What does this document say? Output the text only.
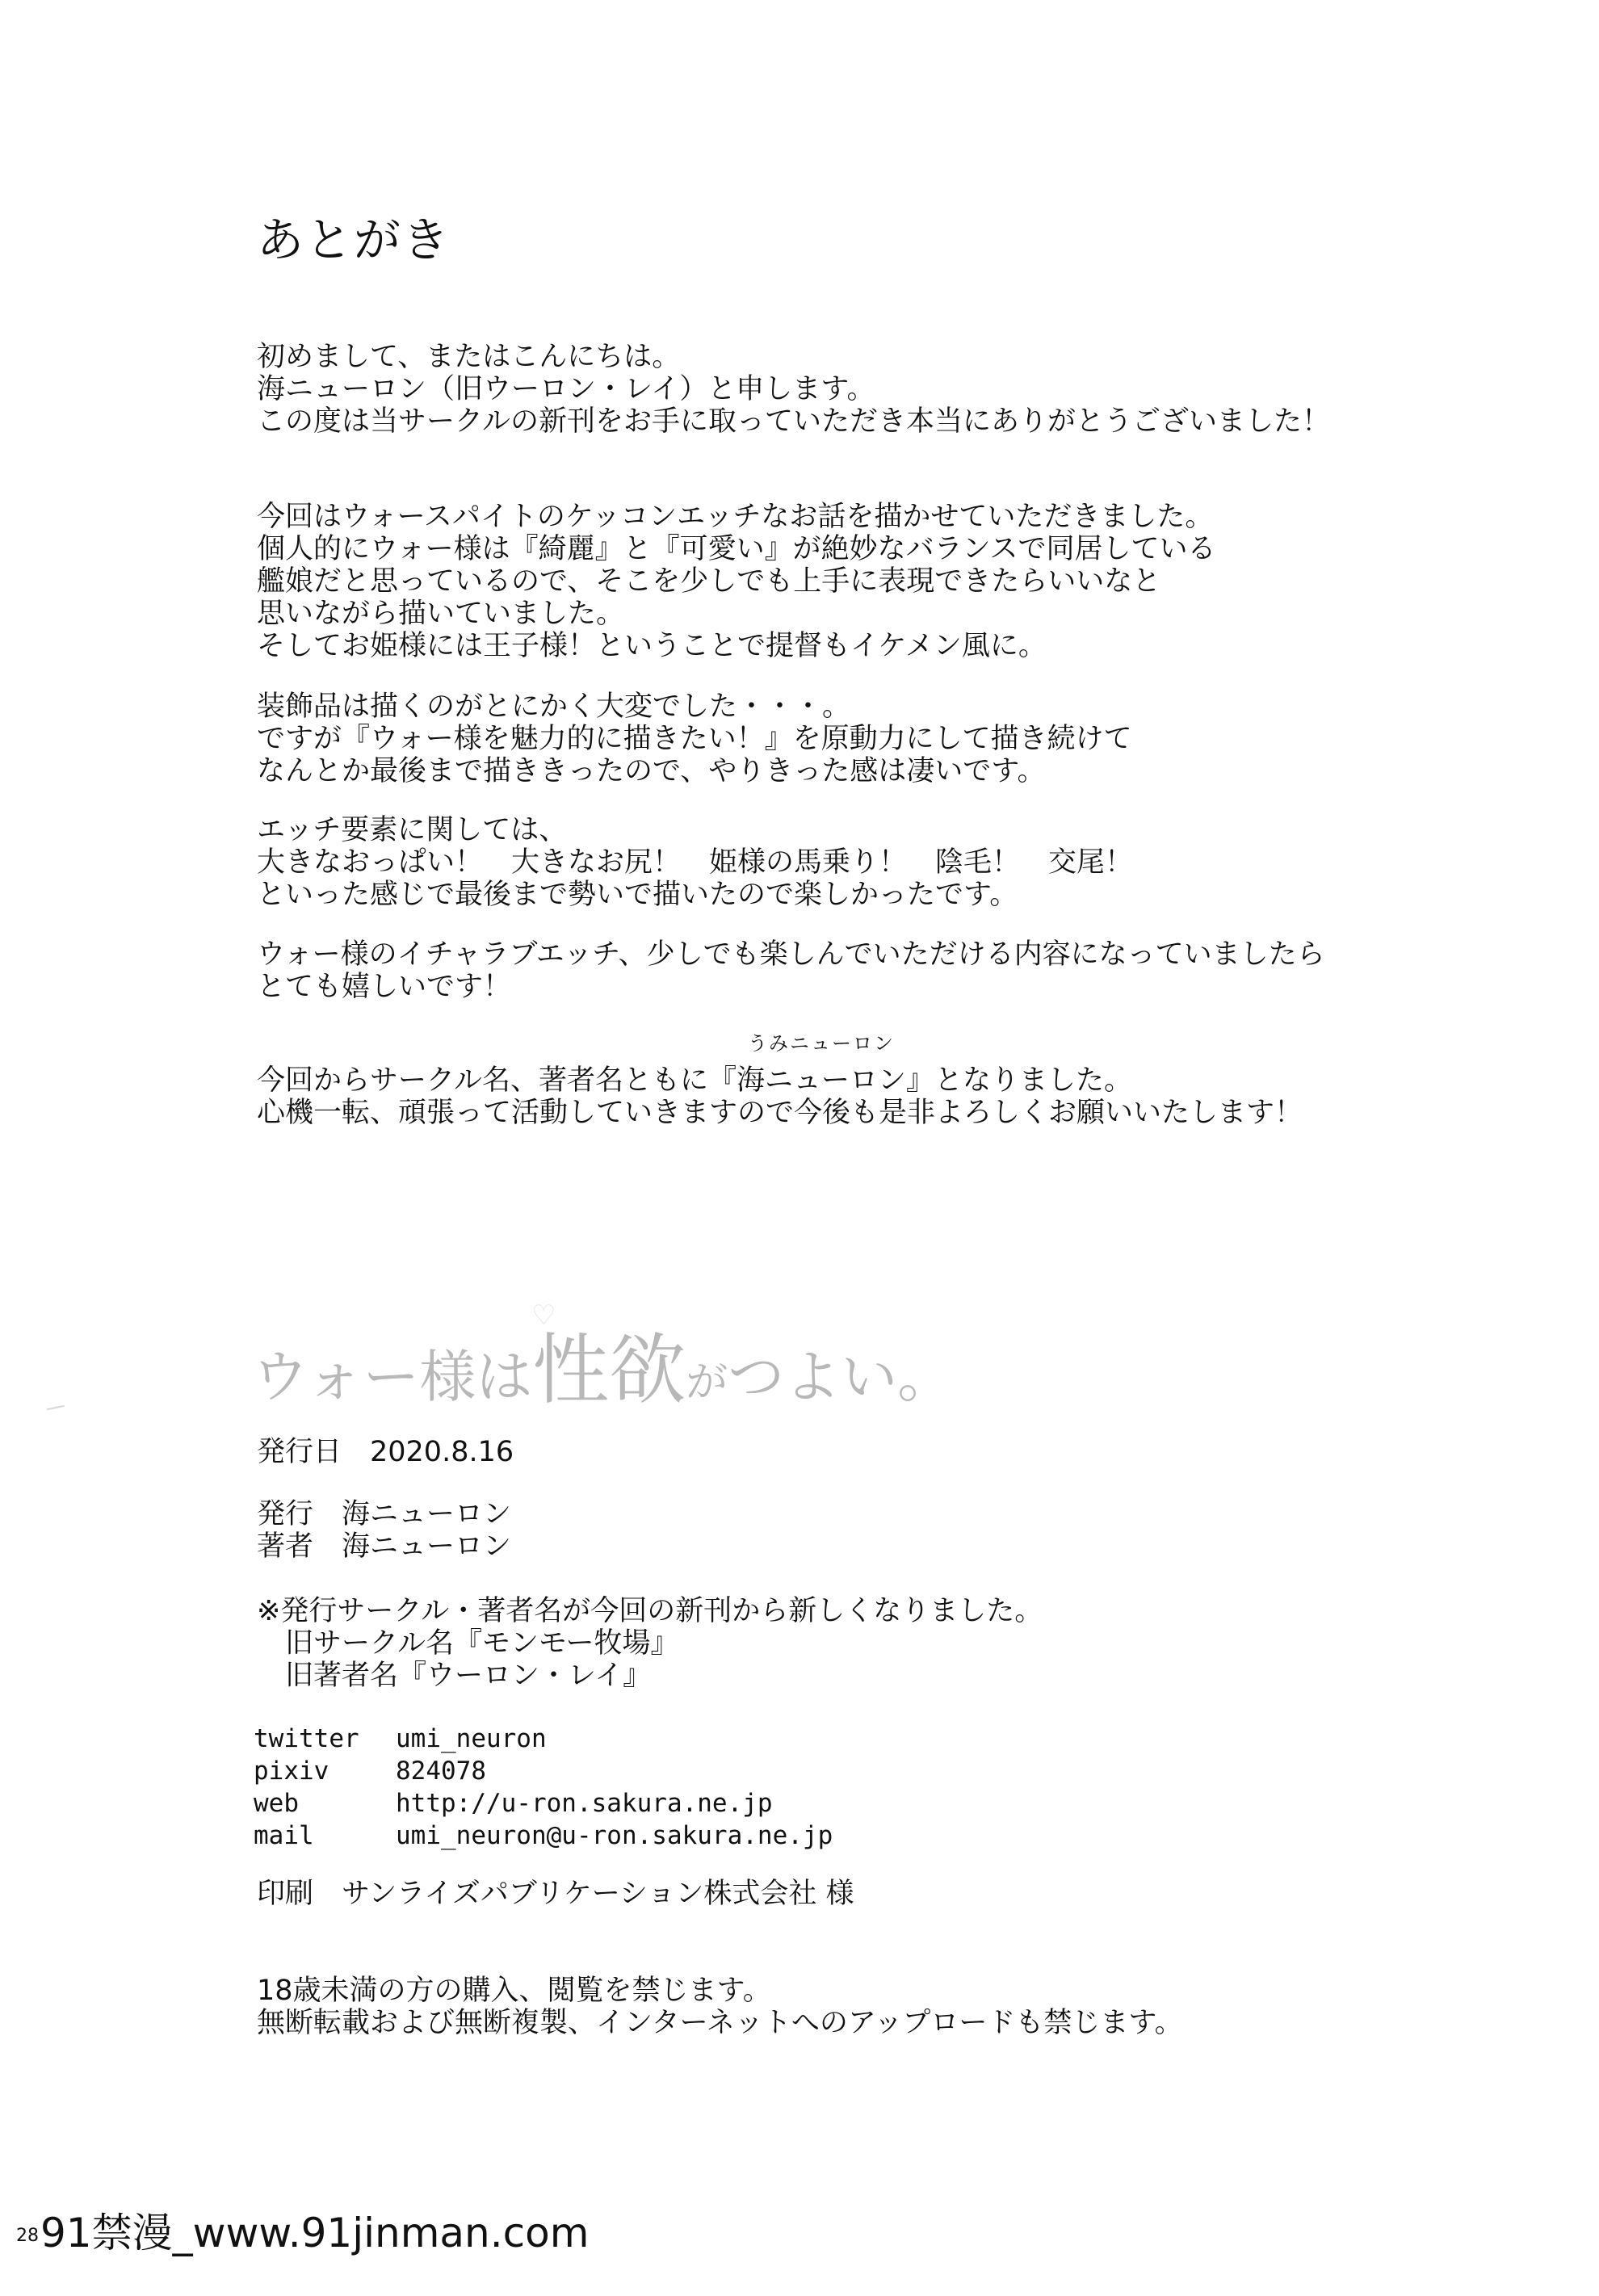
あとがき
初めまして、またはこんにちは。
海ニューロン（旧ウーロン・レイ）と申します。
この度は当サークルの新刊をお手に取っていただき本当にありがとうございました！
今回はウォースパイトのケッコンエッチなお話を描かせていただきました。
個人的にウォー様は『綺麗』と『可愛い』が絶妙なバランスで同居している
艦娘だと思っているので、そこを少しでも上手に表現できたらいいなと
思いながら描いていました。
そしてお姫様には王子様！ということで提督もイケメン風に。
装飾品は描くのがとにかく大変でした・・・。
ですが『ウォー様を魅力的に描きたい！』を原動力にして描き続けて
なんとか最後まで描ききったので、やりきった感は凄いです。
エッチ要素に関しては、
大きなおっぱい！　大きなお尻！　姫様の馬乗り！　陰毛！　交尾！
といった感じで最後まで勢いで描いたので楽しかったです。
ウォー様のイチャラブエッチ、少しでも楽しんでいただける内容になっていましたら
とても嬉しいです！
うみニューロン
今回からサークル名、著者名ともに『海ニューロン』となりました。
心機一転、頑張って活動していきますので今後も是非よろしくお願いいたします！
♡
ウォー様は性欲がつよい。
発行日　2020.8.16
発行　海ニューロン
著者　海ニューロン
※発行サークル・著者名が今回の新刊から新しくなりました。
　旧サークル名『モンモー牧場』
　旧著者名『ウーロン・レイ』
twitter umi_neuron
pixiv	824078
web	http://u-ron.sakura.ne.jp
mail	umi_neuron@u-ron.sakura.ne.jp
印刷　サンライズパブリケーション株式会社 様
18歳未満の方の購入、閲覧を禁じます。
無断転載および無断複製、インターネットへのアップロードも禁じます。
2891禁漫_www.91jinman.com
